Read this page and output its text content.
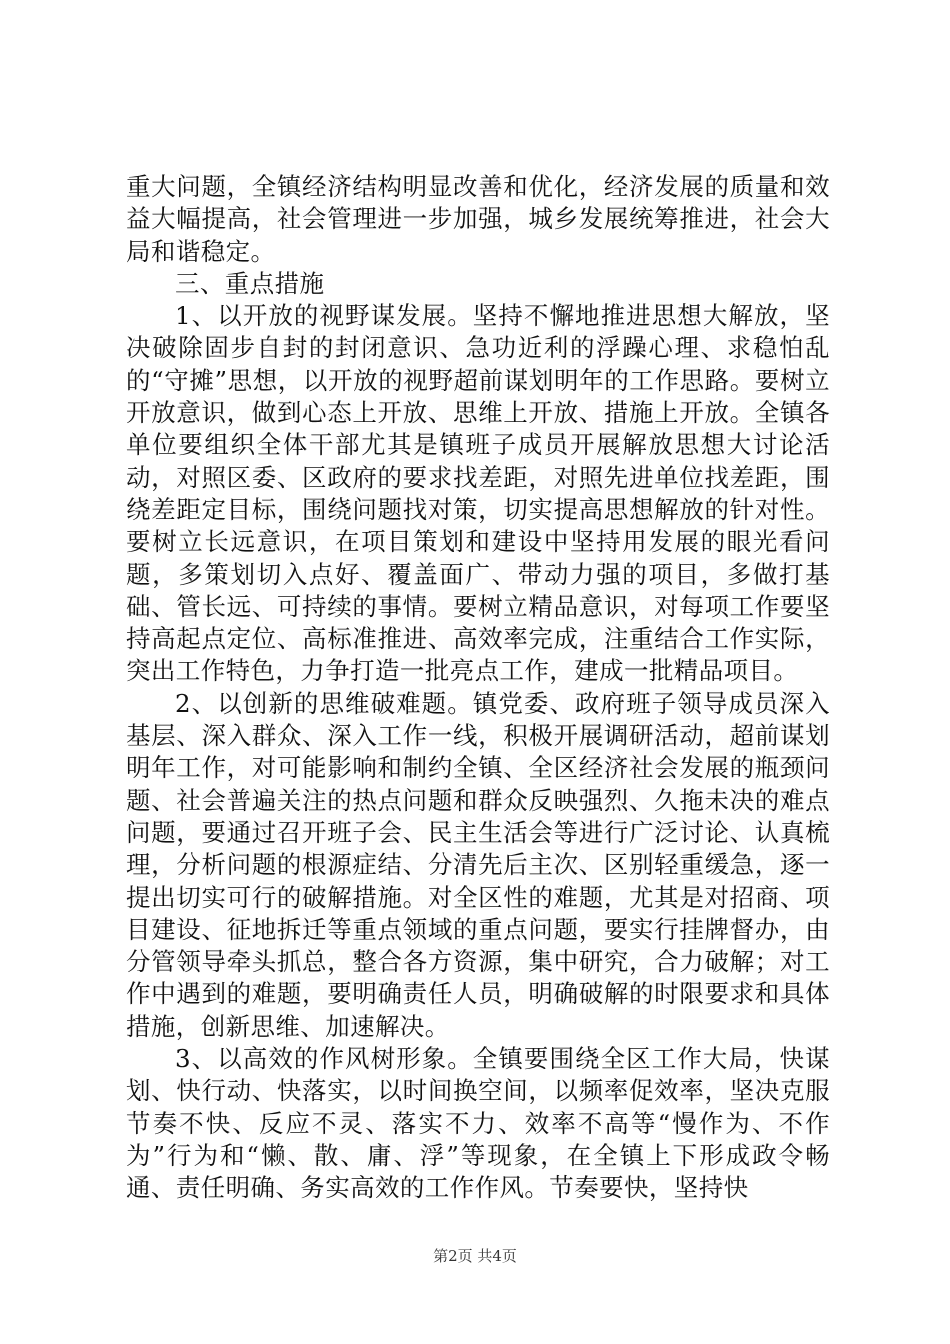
重大问题，全镇经济结构明显改善和优化，经济发展的质量和效益大幅提高，社会管理进一步加强，城乡发展统筹推进，社会大局和谐稳定。

三、重点措施

1、以开放的视野谋发展。坚持不懈地推进思想大解放，坚决破除固步自封的封闭意识、急功近利的浮躁心理、求稳怕乱的“守摊”思想，以开放的视野超前谋划明年的工作思路。要树立开放意识，做到心态上开放、思维上开放、措施上开放。全镇各单位要组织全体干部尤其是镇班子成员开展解放思想大讨论活动，对照区委、区政府的要求找差距，对照先进单位找差距，围绕差距定目标，围绕问题找对策，切实提高思想解放的针对性。要树立长远意识，在项目策划和建设中坚持用发展的眼光看问题，多策划切入点好、覆盖面广、带动力强的项目，多做打基础、管长远、可持续的事情。要树立精品意识，对每项工作要坚持高起点定位、高标准推进、高效率完成，注重结合工作实际，突出工作特色，力争打造一批亮点工作，建成一批精品项目。

2、以创新的思维破难题。镇党委、政府班子领导成员深入基层、深入群众、深入工作一线，积极开展调研活动，超前谋划明年工作，对可能影响和制约全镇、全区经济社会发展的瓶颈问题、社会普遍关注的热点问题和群众反映强烈、久拖未决的难点问题，要通过召开班子会、民主生活会等进行广泛讨论、认真梳理，分析问题的根源症结、分清先后主次、区别轻重缓急，逐一提出切实可行的破解措施。对全区性的难题，尤其是对招商、项目建设、征地拆迁等重点领域的重点问题，要实行挂牌督办，由分管领导牵头抓总，整合各方资源，集中研究，合力破解；对工作中遇到的难题，要明确责任人员，明确破解的时限要求和具体措施，创新思维、加速解决。

3、以高效的作风树形象。全镇要围绕全区工作大局，快谋划、快行动、快落实，以时间换空间，以频率促效率，坚决克服节奏不快、反应不灵、落实不力、效率不高等“慢作为、不作为”行为和“懒、散、庸、浮”等现象，在全镇上下形成政令畅通、责任明确、务实高效的工作作风。节奏要快，坚持快

第2页 共4页
